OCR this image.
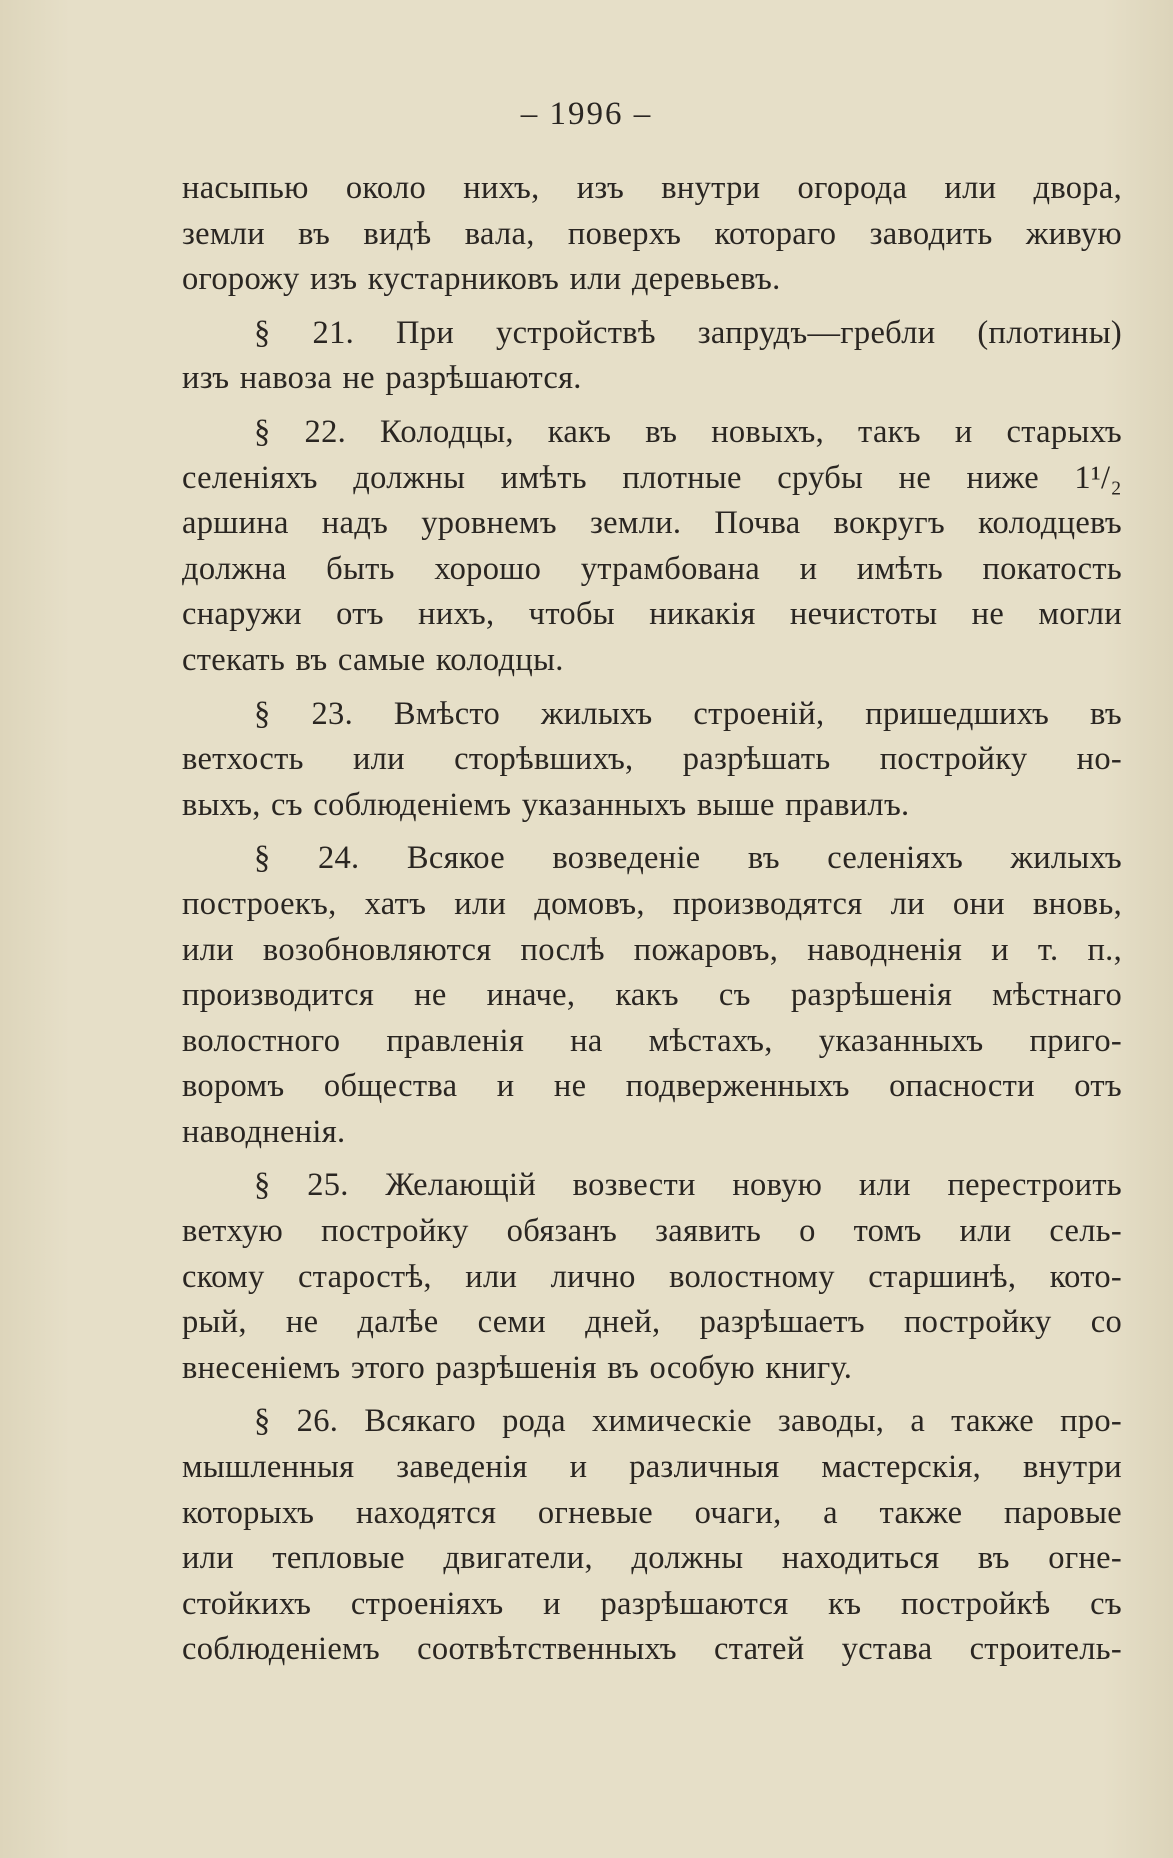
– 1996 –
насыпью около нихъ, изъ внутри огорода или двора,
земли въ видѣ вала, поверхъ котораго заводить живую
огорожу изъ кустарниковъ или деревьевъ.
§ 21. При устройствѣ запрудъ—гребли (плотины)
изъ навоза не разрѣшаются.
§ 22. Колодцы, какъ въ новыхъ, такъ и старыхъ
селеніяхъ должны имѣть плотные срубы не ниже 1¹/₂
аршина надъ уровнемъ земли. Почва вокругъ колодцевъ
должна быть хорошо утрамбована и имѣть покатость
снаружи отъ нихъ, чтобы никакія нечистоты не могли
стекать въ самые колодцы.
§ 23. Вмѣсто жилыхъ строеній, пришедшихъ въ
ветхость или сторѣвшихъ, разрѣшать постройку но-
выхъ, съ соблюденіемъ указанныхъ выше правилъ.
§ 24. Всякое возведеніе въ селеніяхъ жилыхъ
построекъ, хатъ или домовъ, производятся ли они вновь,
или возобновляются послѣ пожаровъ, наводненія и т. п.,
производится не иначе, какъ съ разрѣшенія мѣстнаго
волостного правленія на мѣстахъ, указанныхъ приго-
воромъ общества и не подверженныхъ опасности отъ
наводненія.
§ 25. Желающій возвести новую или перестроить
ветхую постройку обязанъ заявить о томъ или сель-
скому старостѣ, или лично волостному старшинѣ, кото-
рый, не далѣе семи дней, разрѣшаетъ постройку со
внесеніемъ этого разрѣшенія въ особую книгу.
§ 26. Всякаго рода химическіе заводы, а также про-
мышленныя заведенія и различныя мастерскія, внутри
которыхъ находятся огневые очаги, а также паровые
или тепловые двигатели, должны находиться въ огне-
стойкихъ строеніяхъ и разрѣшаются къ постройкѣ съ
соблюденіемъ соотвѣтственныхъ статей устава строитель-
